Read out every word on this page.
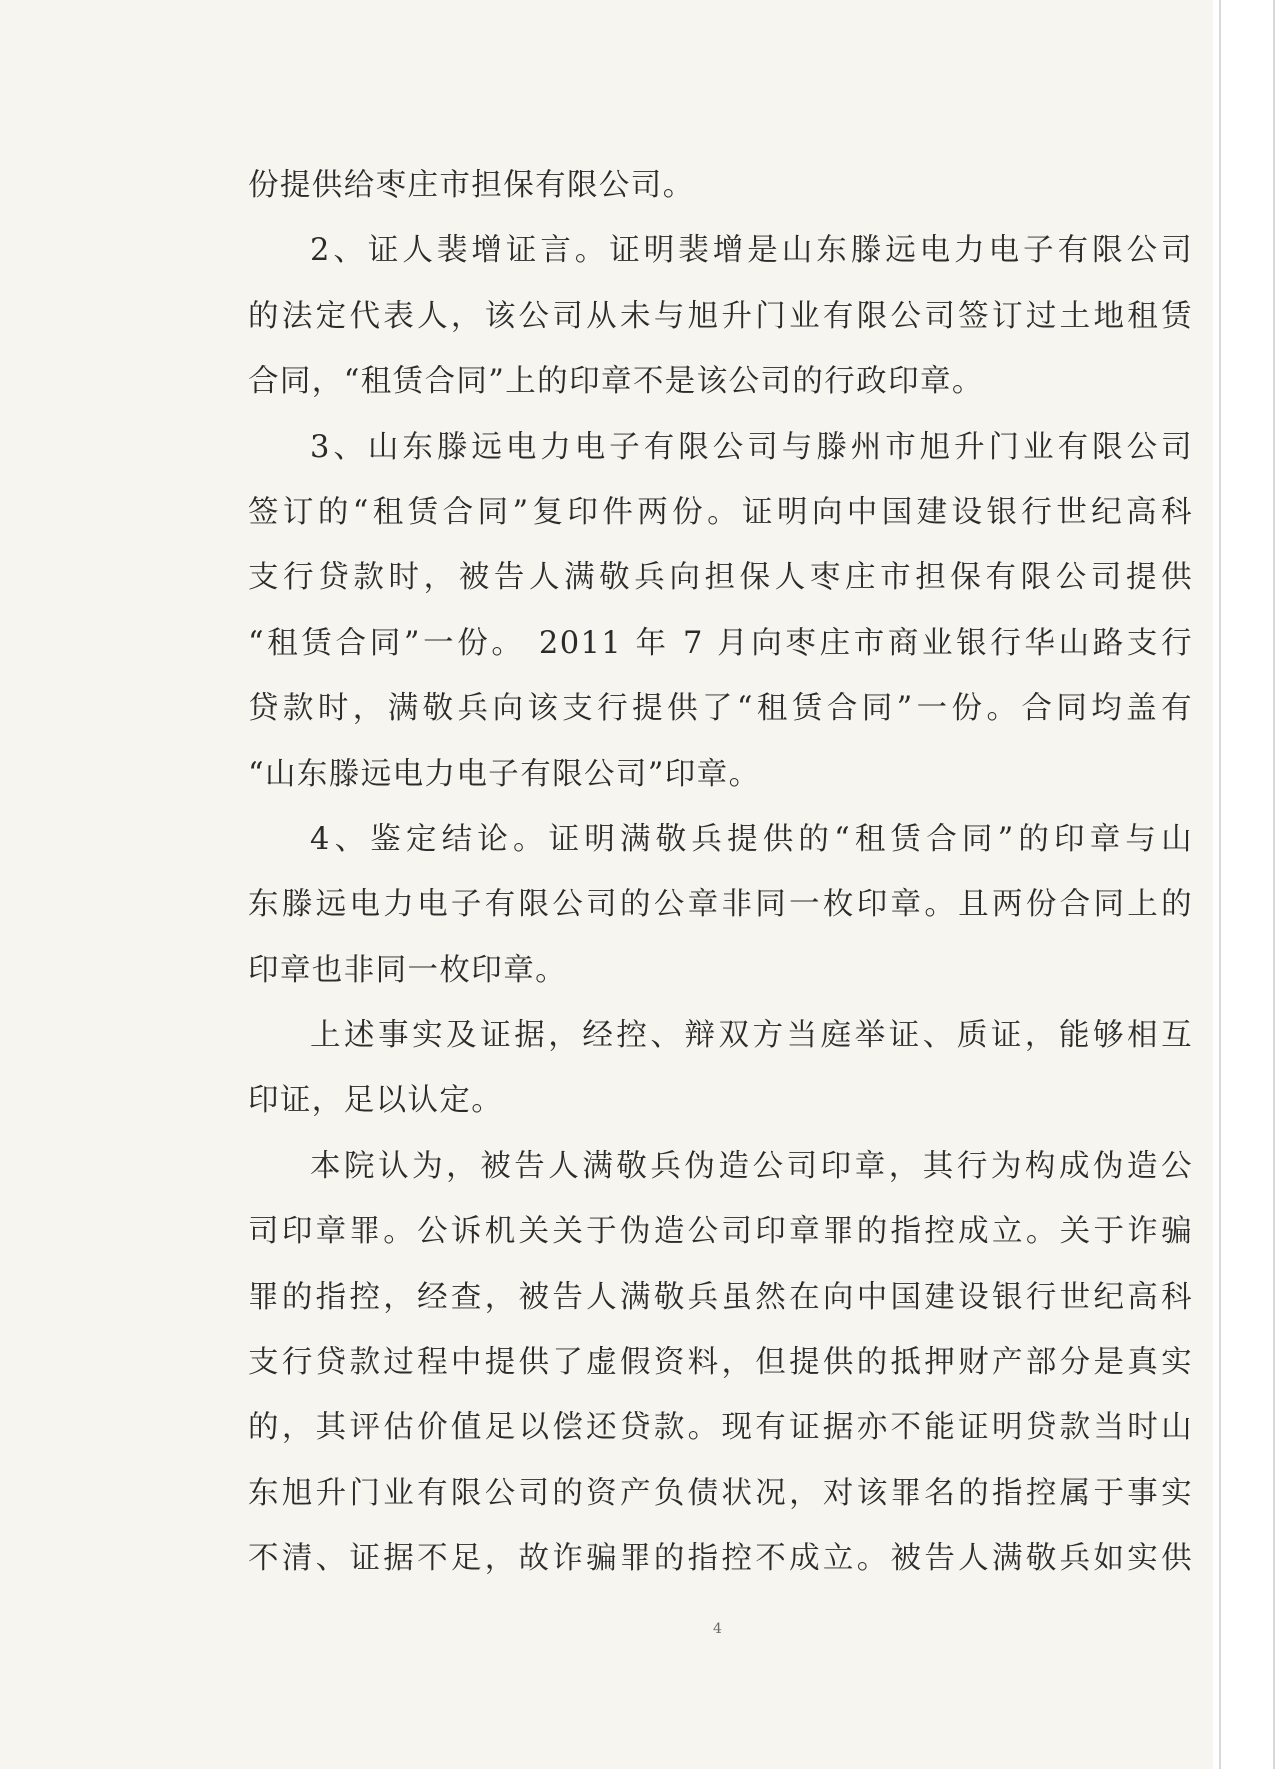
份提供给枣庄市担保有限公司。
2、证人裴增证言。证明裴增是山东滕远电力电子有限公司
的法定代表人，该公司从未与旭升门业有限公司签订过土地租赁
合同，“租赁合同”上的印章不是该公司的行政印章。
3、山东滕远电力电子有限公司与滕州市旭升门业有限公司
签订的“租赁合同”复印件两份。证明向中国建设银行世纪高科
支行贷款时，被告人满敬兵向担保人枣庄市担保有限公司提供
“租赁合同”一份。 2011 年 7 月向枣庄市商业银行华山路支行
贷款时，满敬兵向该支行提供了“租赁合同”一份。合同均盖有
“山东滕远电力电子有限公司”印章。
4、鉴定结论。证明满敬兵提供的“租赁合同”的印章与山
东滕远电力电子有限公司的公章非同一枚印章。且两份合同上的
印章也非同一枚印章。
上述事实及证据，经控、辩双方当庭举证、质证，能够相互
印证，足以认定。
本院认为，被告人满敬兵伪造公司印章，其行为构成伪造公
司印章罪。公诉机关关于伪造公司印章罪的指控成立。关于诈骗
罪的指控，经查，被告人满敬兵虽然在向中国建设银行世纪高科
支行贷款过程中提供了虚假资料，但提供的抵押财产部分是真实
的，其评估价值足以偿还贷款。现有证据亦不能证明贷款当时山
东旭升门业有限公司的资产负债状况，对该罪名的指控属于事实
不清、证据不足，故诈骗罪的指控不成立。被告人满敬兵如实供
4
